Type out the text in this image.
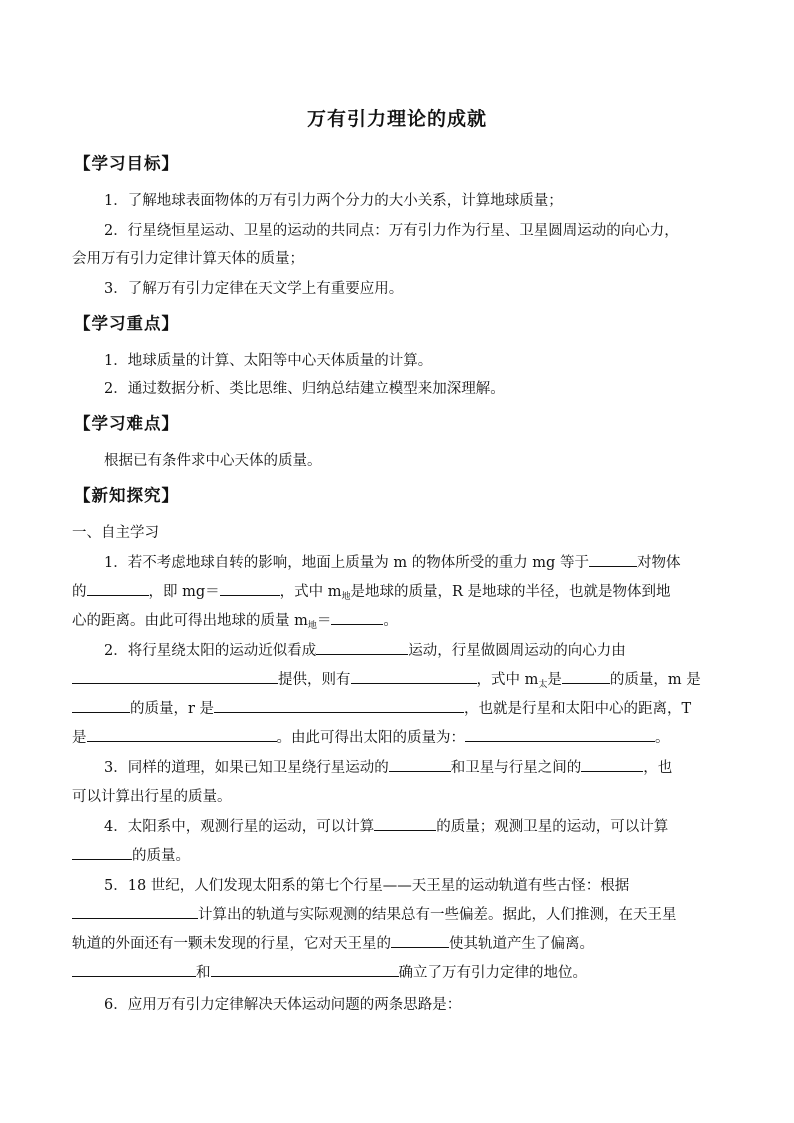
万有引力理论的成就
【学习目标】
1．了解地球表面物体的万有引力两个分力的大小关系，计算地球质量；
2．行星绕恒星运动、卫星的运动的共同点：万有引力作为行星、卫星圆周运动的向心力，
会用万有引力定律计算天体的质量；
3．了解万有引力定律在天文学上有重要应用。
【学习重点】
1．地球质量的计算、太阳等中心天体质量的计算。
2．通过数据分析、类比思维、归纳总结建立模型来加深理解。
【学习难点】
根据已有条件求中心天体的质量。
【新知探究】
一、自主学习
1．若不考虑地球自转的影响，地面上质量为 m 的物体所受的重力 mg 等于	对物体
的	，即 mg＝	，式中 $m_地$是地球的质量，R 是地球的半径，也就是物体到地
心的距离。由此可得出地球的质量 $m_地=$	。
2．将行星绕太阳的运动近似看成	运动，行星做圆周运动的向心力由
提供，则有	，式中 $m_太$是	的质量，m 是
的质量，r 是	，也就是行星和太阳中心的距离，T
是	。由此可得出太阳的质量为：	。
3．同样的道理，如果已知卫星绕行星运动的	和卫星与行星之间的	，也
可以计算出行星的质量。
4．太阳系中，观测行星的运动，可以计算	的质量；观测卫星的运动，可以计算
的质量。
5．18 世纪，人们发现太阳系的第七个行星——天王星的运动轨道有些古怪：根据
计算出的轨道与实际观测的结果总有一些偏差。据此，人们推测，在天王星
轨道的外面还有一颗未发现的行星，它对天王星的	使其轨道产生了偏离。
和	确立了万有引力定律的地位。
6．应用万有引力定律解决天体运动问题的两条思路是：
